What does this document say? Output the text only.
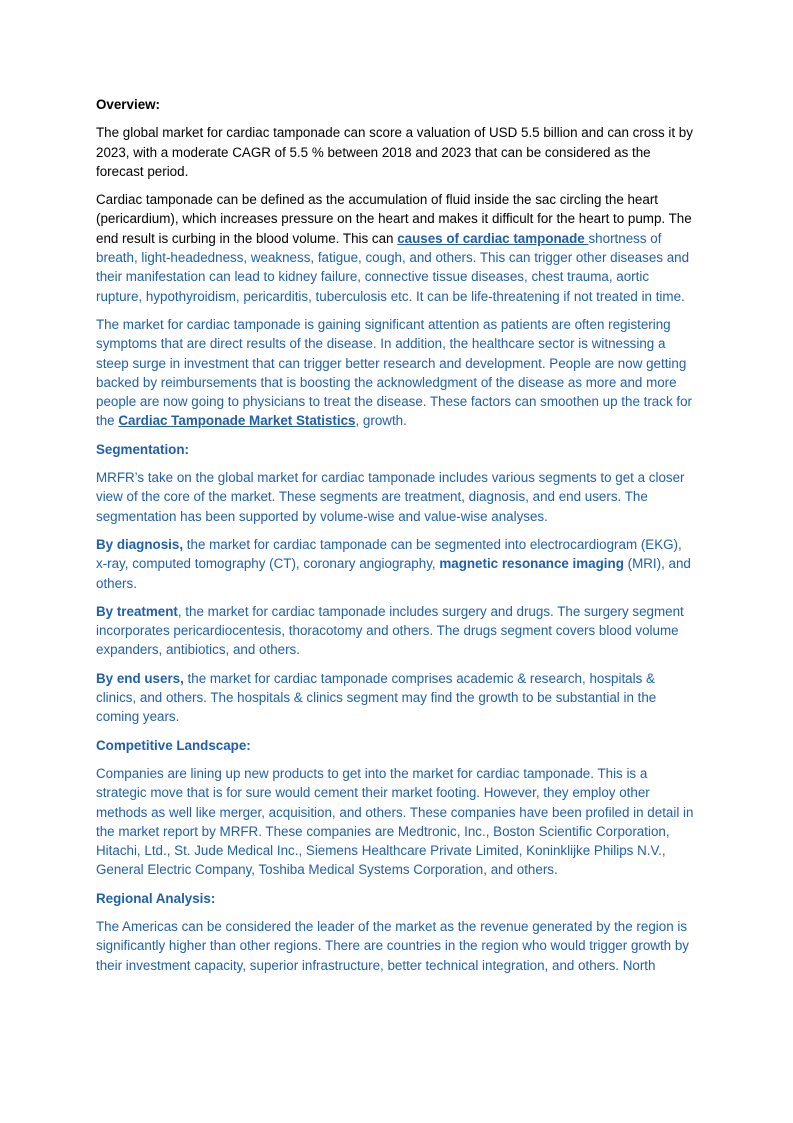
Overview:

The global market for cardiac tamponade can score a valuation of USD 5.5 billion and can cross it by 2023, with a moderate CAGR of 5.5 % between 2018 and 2023 that can be considered as the forecast period.

Cardiac tamponade can be defined as the accumulation of fluid inside the sac circling the heart (pericardium), which increases pressure on the heart and makes it difficult for the heart to pump. The end result is curbing in the blood volume. This can causes of cardiac tamponade shortness of breath, light-headedness, weakness, fatigue, cough, and others. This can trigger other diseases and their manifestation can lead to kidney failure, connective tissue diseases, chest trauma, aortic rupture, hypothyroidism, pericarditis, tuberculosis etc. It can be life-threatening if not treated in time.

The market for cardiac tamponade is gaining significant attention as patients are often registering symptoms that are direct results of the disease. In addition, the healthcare sector is witnessing a steep surge in investment that can trigger better research and development. People are now getting backed by reimbursements that is boosting the acknowledgment of the disease as more and more people are now going to physicians to treat the disease. These factors can smoothen up the track for the Cardiac Tamponade Market Statistics, growth.

Segmentation:

MRFR’s take on the global market for cardiac tamponade includes various segments to get a closer view of the core of the market. These segments are treatment, diagnosis, and end users. The segmentation has been supported by volume-wise and value-wise analyses.

By diagnosis, the market for cardiac tamponade can be segmented into electrocardiogram (EKG), x-ray, computed tomography (CT), coronary angiography, magnetic resonance imaging (MRI), and others.

By treatment, the market for cardiac tamponade includes surgery and drugs. The surgery segment incorporates pericardiocentesis, thoracotomy and others. The drugs segment covers blood volume expanders, antibiotics, and others.

By end users, the market for cardiac tamponade comprises academic & research, hospitals & clinics, and others. The hospitals & clinics segment may find the growth to be substantial in the coming years.

Competitive Landscape:

Companies are lining up new products to get into the market for cardiac tamponade. This is a strategic move that is for sure would cement their market footing. However, they employ other methods as well like merger, acquisition, and others. These companies have been profiled in detail in the market report by MRFR. These companies are Medtronic, Inc., Boston Scientific Corporation, Hitachi, Ltd., St. Jude Medical Inc., Siemens Healthcare Private Limited, Koninklijke Philips N.V., General Electric Company, Toshiba Medical Systems Corporation, and others.

Regional Analysis:

The Americas can be considered the leader of the market as the revenue generated by the region is significantly higher than other regions. There are countries in the region who would trigger growth by their investment capacity, superior infrastructure, better technical integration, and others. North
